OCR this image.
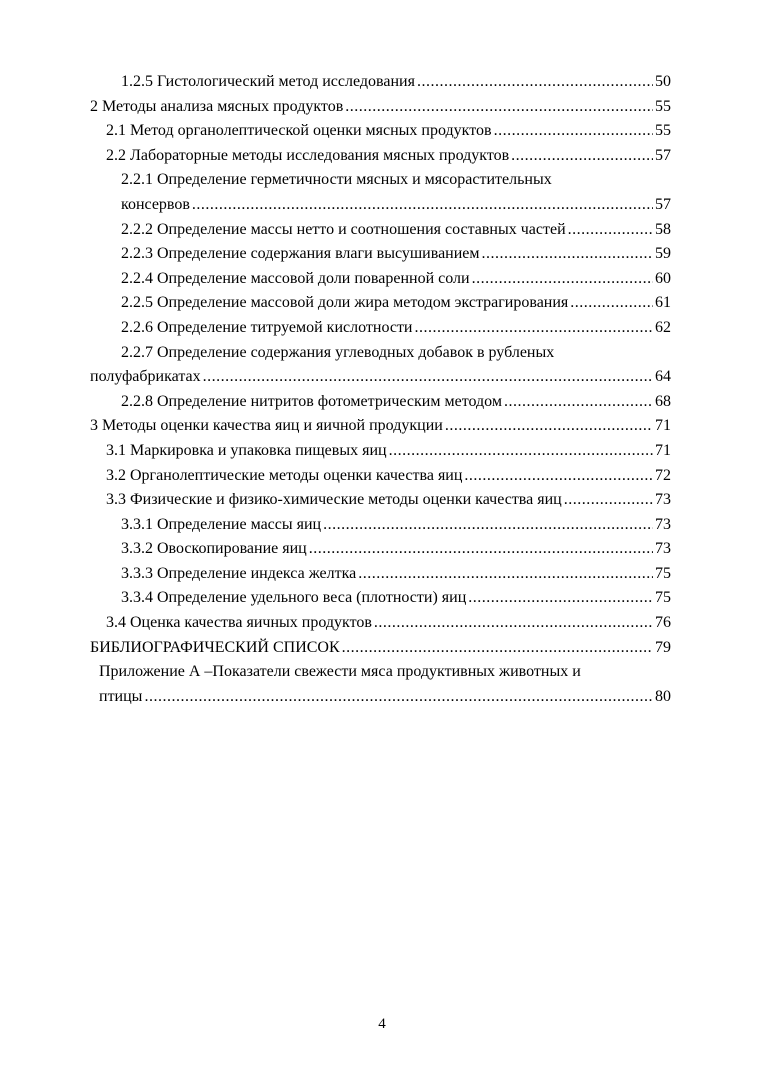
1.2.5 Гистологический метод исследования .....	50
2 Методы анализа мясных продуктов .....	55
2.1 Метод органолептической оценки мясных продуктов .....	55
2.2 Лабораторные методы исследования мясных продуктов .....	57
2.2.1 Определение герметичности мясных и мясорастительных
консервов .....	57
2.2.2 Определение массы нетто и соотношения составных частей .....	58
2.2.3 Определение содержания влаги высушиванием .....	59
2.2.4 Определение массовой доли поваренной соли .....	60
2.2.5 Определение массовой доли жира методом экстрагирования .....	61
2.2.6 Определение титруемой кислотности .....	62
2.2.7 Определение содержания углеводных добавок в рубленых
полуфабрикатах .....	64
2.2.8 Определение нитритов фотометрическим методом .....	68
3 Методы оценки качества яиц и яичной продукции .....	71
3.1 Маркировка и упаковка пищевых яиц .....	71
3.2 Органолептические методы оценки качества яиц .....	72
3.3 Физические и физико-химические методы оценки качества яиц .....	73
3.3.1 Определение массы яиц .....	73
3.3.2 Овоскопирование яиц .....	73
3.3.3 Определение индекса желтка .....	75
3.3.4 Определение удельного веса (плотности) яиц .....	75
3.4 Оценка качества яичных продуктов .....	76
БИБЛИОГРАФИЧЕСКИЙ СПИСОК .....	79
Приложение А –Показатели свежести мяса продуктивных животных и
птицы .....	80
4
